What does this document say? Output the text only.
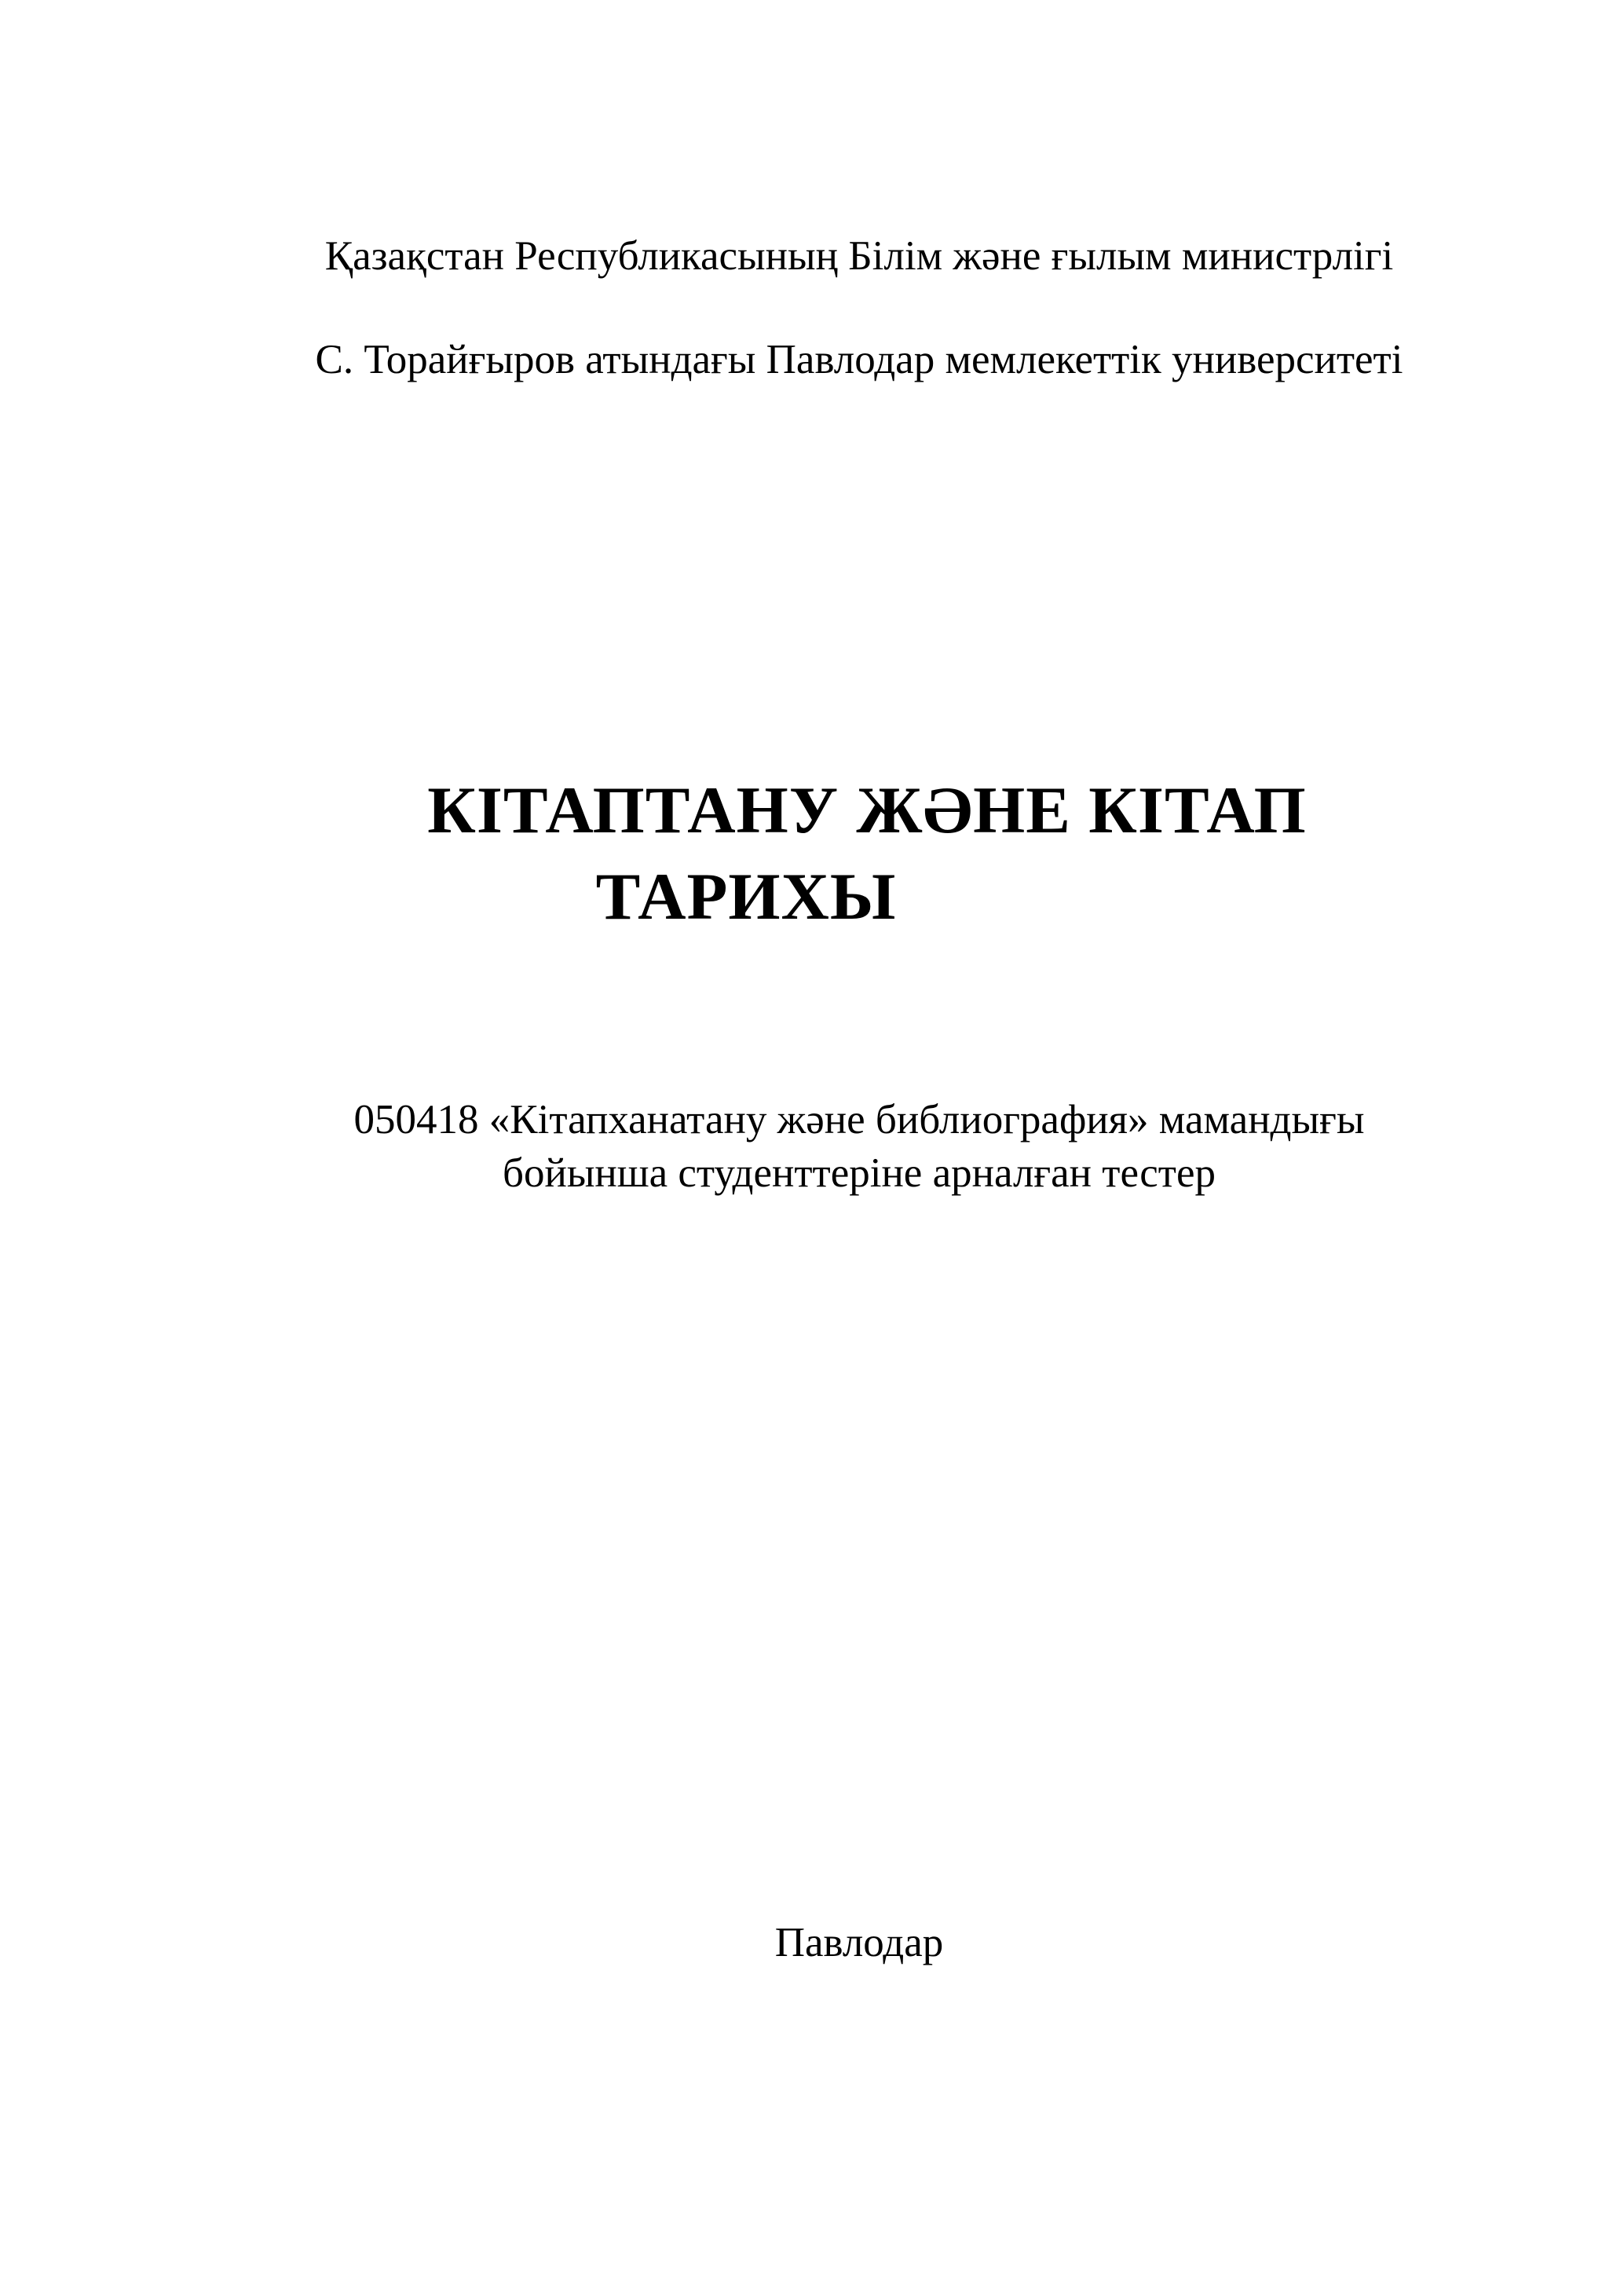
Қазақстан Республикасының Білім және ғылым министрлігі
С. Торайғыров атындағы Павлодар мемлекеттік университеті
КІТАПТАНУ ЖӘНЕ КІТАП
ТАРИХЫ
050418 «Кітапханатану және библиография» мамандығы
бойынша студенттеріне арналған тестер
Павлодар
